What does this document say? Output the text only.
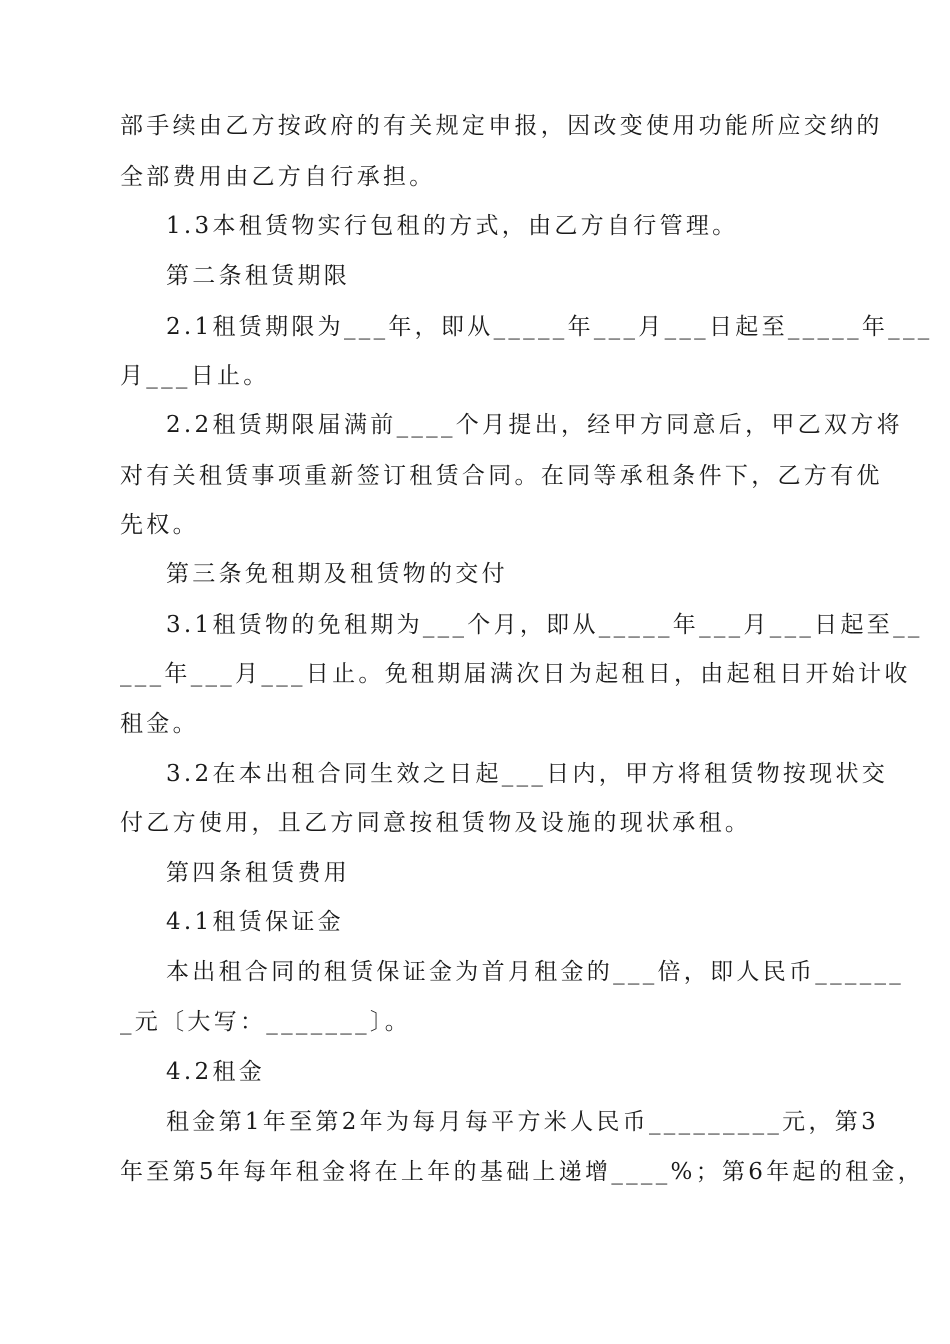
部手续由乙方按政府的有关规定申报，因改变使用功能所应交纳的
全部费用由乙方自行承担。
1.3本租赁物实行包租的方式，由乙方自行管理。
第二条租赁期限
2.1租赁期限为___年，即从_____年___月___日起至_____年___
月___日止。
2.2租赁期限届满前____个月提出，经甲方同意后，甲乙双方将
对有关租赁事项重新签订租赁合同。在同等承租条件下，乙方有优
先权。
第三条免租期及租赁物的交付
3.1租赁物的免租期为___个月，即从_____年___月___日起至__
___年___月___日止。免租期届满次日为起租日，由起租日开始计收
租金。
3.2在本出租合同生效之日起___日内，甲方将租赁物按现状交
付乙方使用，且乙方同意按租赁物及设施的现状承租。
第四条租赁费用
4.1租赁保证金
本出租合同的租赁保证金为首月租金的___倍，即人民币______
_元〔大写：_______〕。
4.2租金
租金第1年至第2年为每月每平方米人民币_________元，第3
年至第5年每年租金将在上年的基础上递增____%；第6年起的租金，
